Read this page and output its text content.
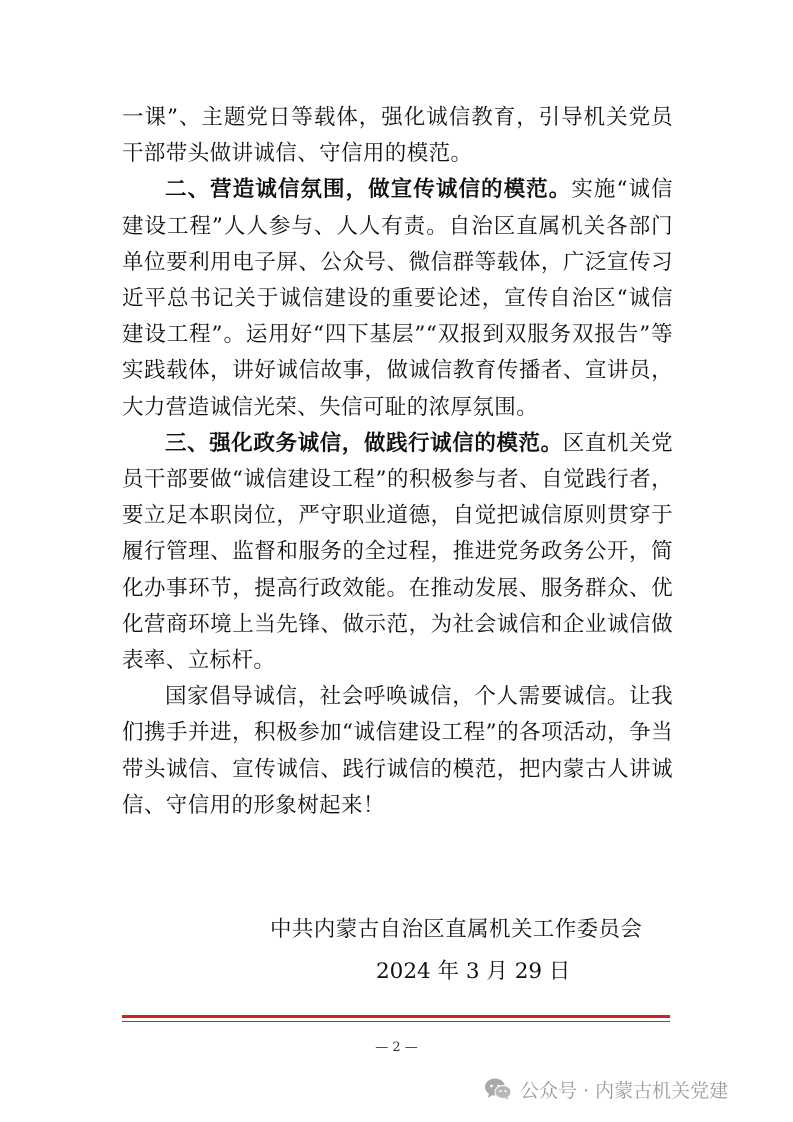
一课”、主题党日等载体，强化诚信教育，引导机关党员干部带头做讲诚信、守信用的模范。

二、营造诚信氛围，做宣传诚信的模范。实施“诚信建设工程”人人参与、人人有责。自治区直属机关各部门单位要利用电子屏、公众号、微信群等载体，广泛宣传习近平总书记关于诚信建设的重要论述，宣传自治区“诚信建设工程”。运用好“四下基层”“双报到双服务双报告”等实践载体，讲好诚信故事，做诚信教育传播者、宣讲员，大力营造诚信光荣、失信可耻的浓厚氛围。

三、强化政务诚信，做践行诚信的模范。区直机关党员干部要做“诚信建设工程”的积极参与者、自觉践行者，要立足本职岗位，严守职业道德，自觉把诚信原则贯穿于履行管理、监督和服务的全过程，推进党务政务公开，简化办事环节，提高行政效能。在推动发展、服务群众、优化营商环境上当先锋、做示范，为社会诚信和企业诚信做表率、立标杆。

国家倡导诚信，社会呼唤诚信，个人需要诚信。让我们携手并进，积极参加“诚信建设工程”的各项活动，争当带头诚信、宣传诚信、践行诚信的模范，把内蒙古人讲诚信、守信用的形象树起来！

中共内蒙古自治区直属机关工作委员会
2024 年 3 月 29 日
— 2 —
公众号 · 内蒙古机关党建
